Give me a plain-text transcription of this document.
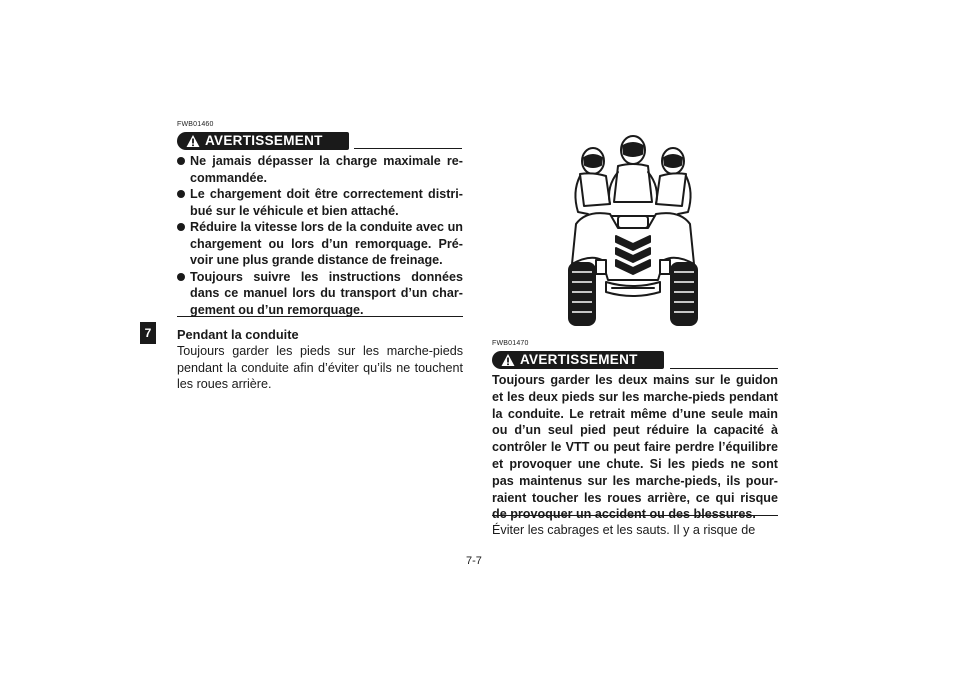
7
FWB01460
AVERTISSEMENT
Ne jamais dépasser la charge maximale recommandée.
Le chargement doit être correctement distribué sur le véhicule et bien attaché.
Réduire la vitesse lors de la conduite avec un chargement ou lors d’un remorquage. Prévoir une plus grande distance de freinage.
Toujours suivre les instructions données dans ce manuel lors du transport d’un chargement ou d’un remorquage.
Pendant la conduite
Toujours garder les pieds sur les marche-pieds pendant la conduite afin d’éviter qu’ils ne touchent les roues arrière.
FWB01470
AVERTISSEMENT
Toujours garder les deux mains sur le guidon et les deux pieds sur les marche-pieds pendant la conduite. Le retrait même d’une seule main ou d’un seul pied peut réduire la capacité à contrôler le VTT ou peut faire perdre l’équilibre et provoquer une chute. Si les pieds ne sont pas maintenus sur les marche-pieds, ils pourraient toucher les roues arrière, ce qui risque de provoquer un accident ou des blessures.
Éviter les cabrages et les sauts. Il y a risque de
7-7
